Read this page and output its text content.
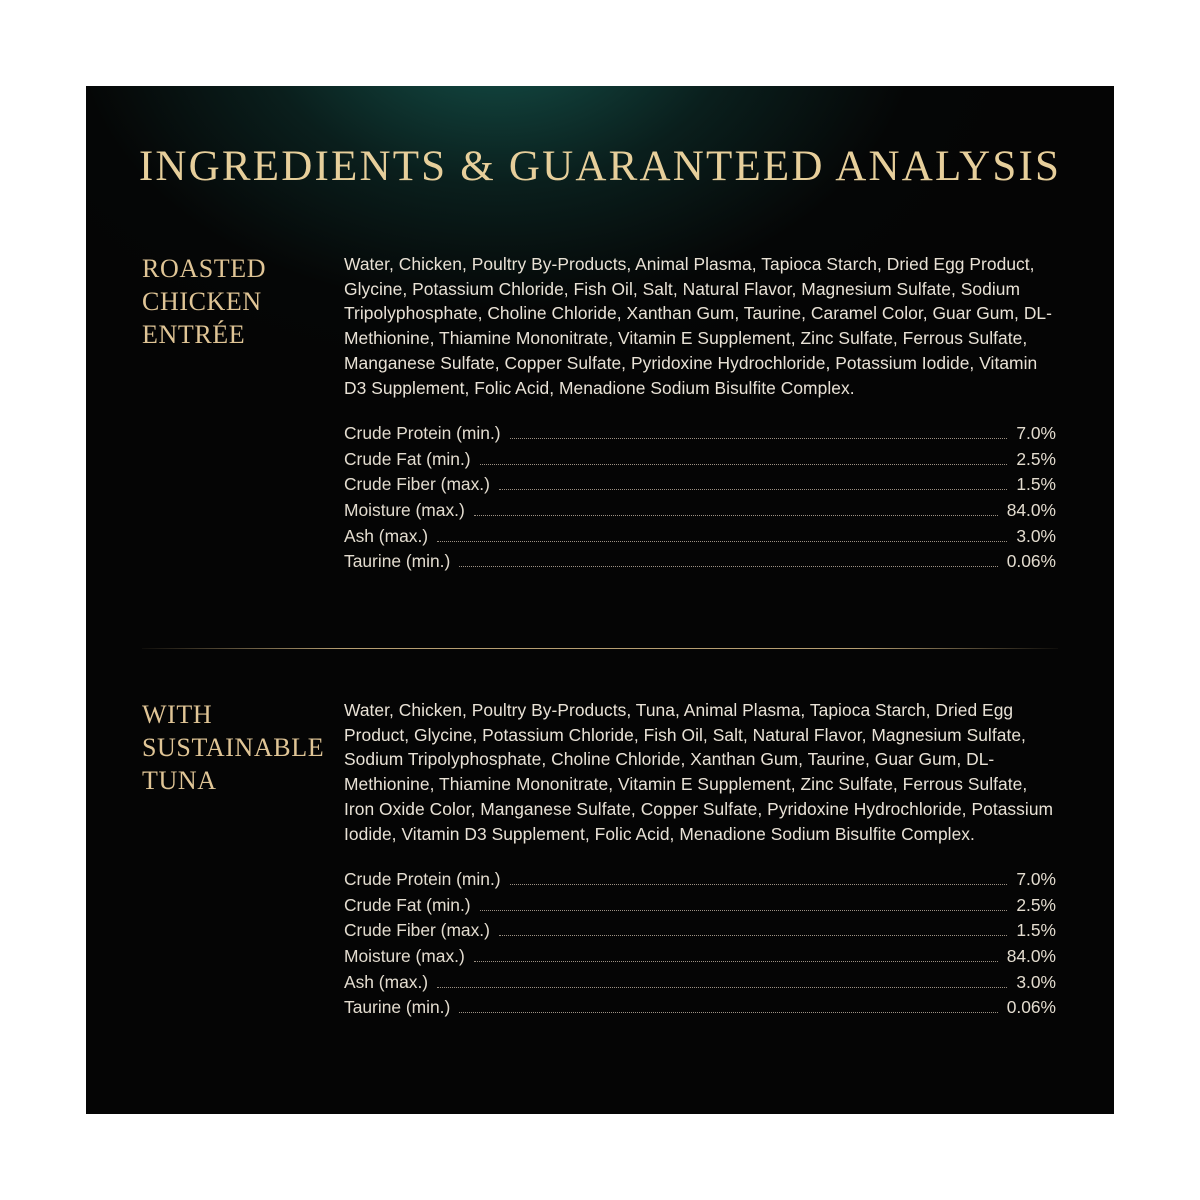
INGREDIENTS & GUARANTEED ANALYSIS
ROASTED CHICKEN ENTRÉE
Water, Chicken, Poultry By-Products, Animal Plasma, Tapioca Starch, Dried Egg Product, Glycine, Potassium Chloride, Fish Oil, Salt, Natural Flavor, Magnesium Sulfate, Sodium Tripolyphosphate, Choline Chloride, Xanthan Gum, Taurine, Caramel Color, Guar Gum, DL-Methionine, Thiamine Mononitrate, Vitamin E Supplement, Zinc Sulfate, Ferrous Sulfate, Manganese Sulfate, Copper Sulfate, Pyridoxine Hydrochloride, Potassium Iodide, Vitamin D3 Supplement, Folic Acid, Menadione Sodium Bisulfite Complex.
Crude Protein (min.)	7.0%
Crude Fat (min.)	2.5%
Crude Fiber (max.)	1.5%
Moisture (max.)	84.0%
Ash (max.)	3.0%
Taurine (min.)	0.06%
WITH SUSTAINABLE TUNA
Water, Chicken, Poultry By-Products, Tuna, Animal Plasma, Tapioca Starch, Dried Egg Product, Glycine, Potassium Chloride, Fish Oil, Salt, Natural Flavor, Magnesium Sulfate, Sodium Tripolyphosphate, Choline Chloride, Xanthan Gum, Taurine, Guar Gum, DL-Methionine, Thiamine Mononitrate, Vitamin E Supplement, Zinc Sulfate, Ferrous Sulfate, Iron Oxide Color, Manganese Sulfate, Copper Sulfate, Pyridoxine Hydrochloride, Potassium Iodide, Vitamin D3 Supplement, Folic Acid, Menadione Sodium Bisulfite Complex.
Crude Protein (min.)	7.0%
Crude Fat (min.)	2.5%
Crude Fiber (max.)	1.5%
Moisture (max.)	84.0%
Ash (max.)	3.0%
Taurine (min.)	0.06%
